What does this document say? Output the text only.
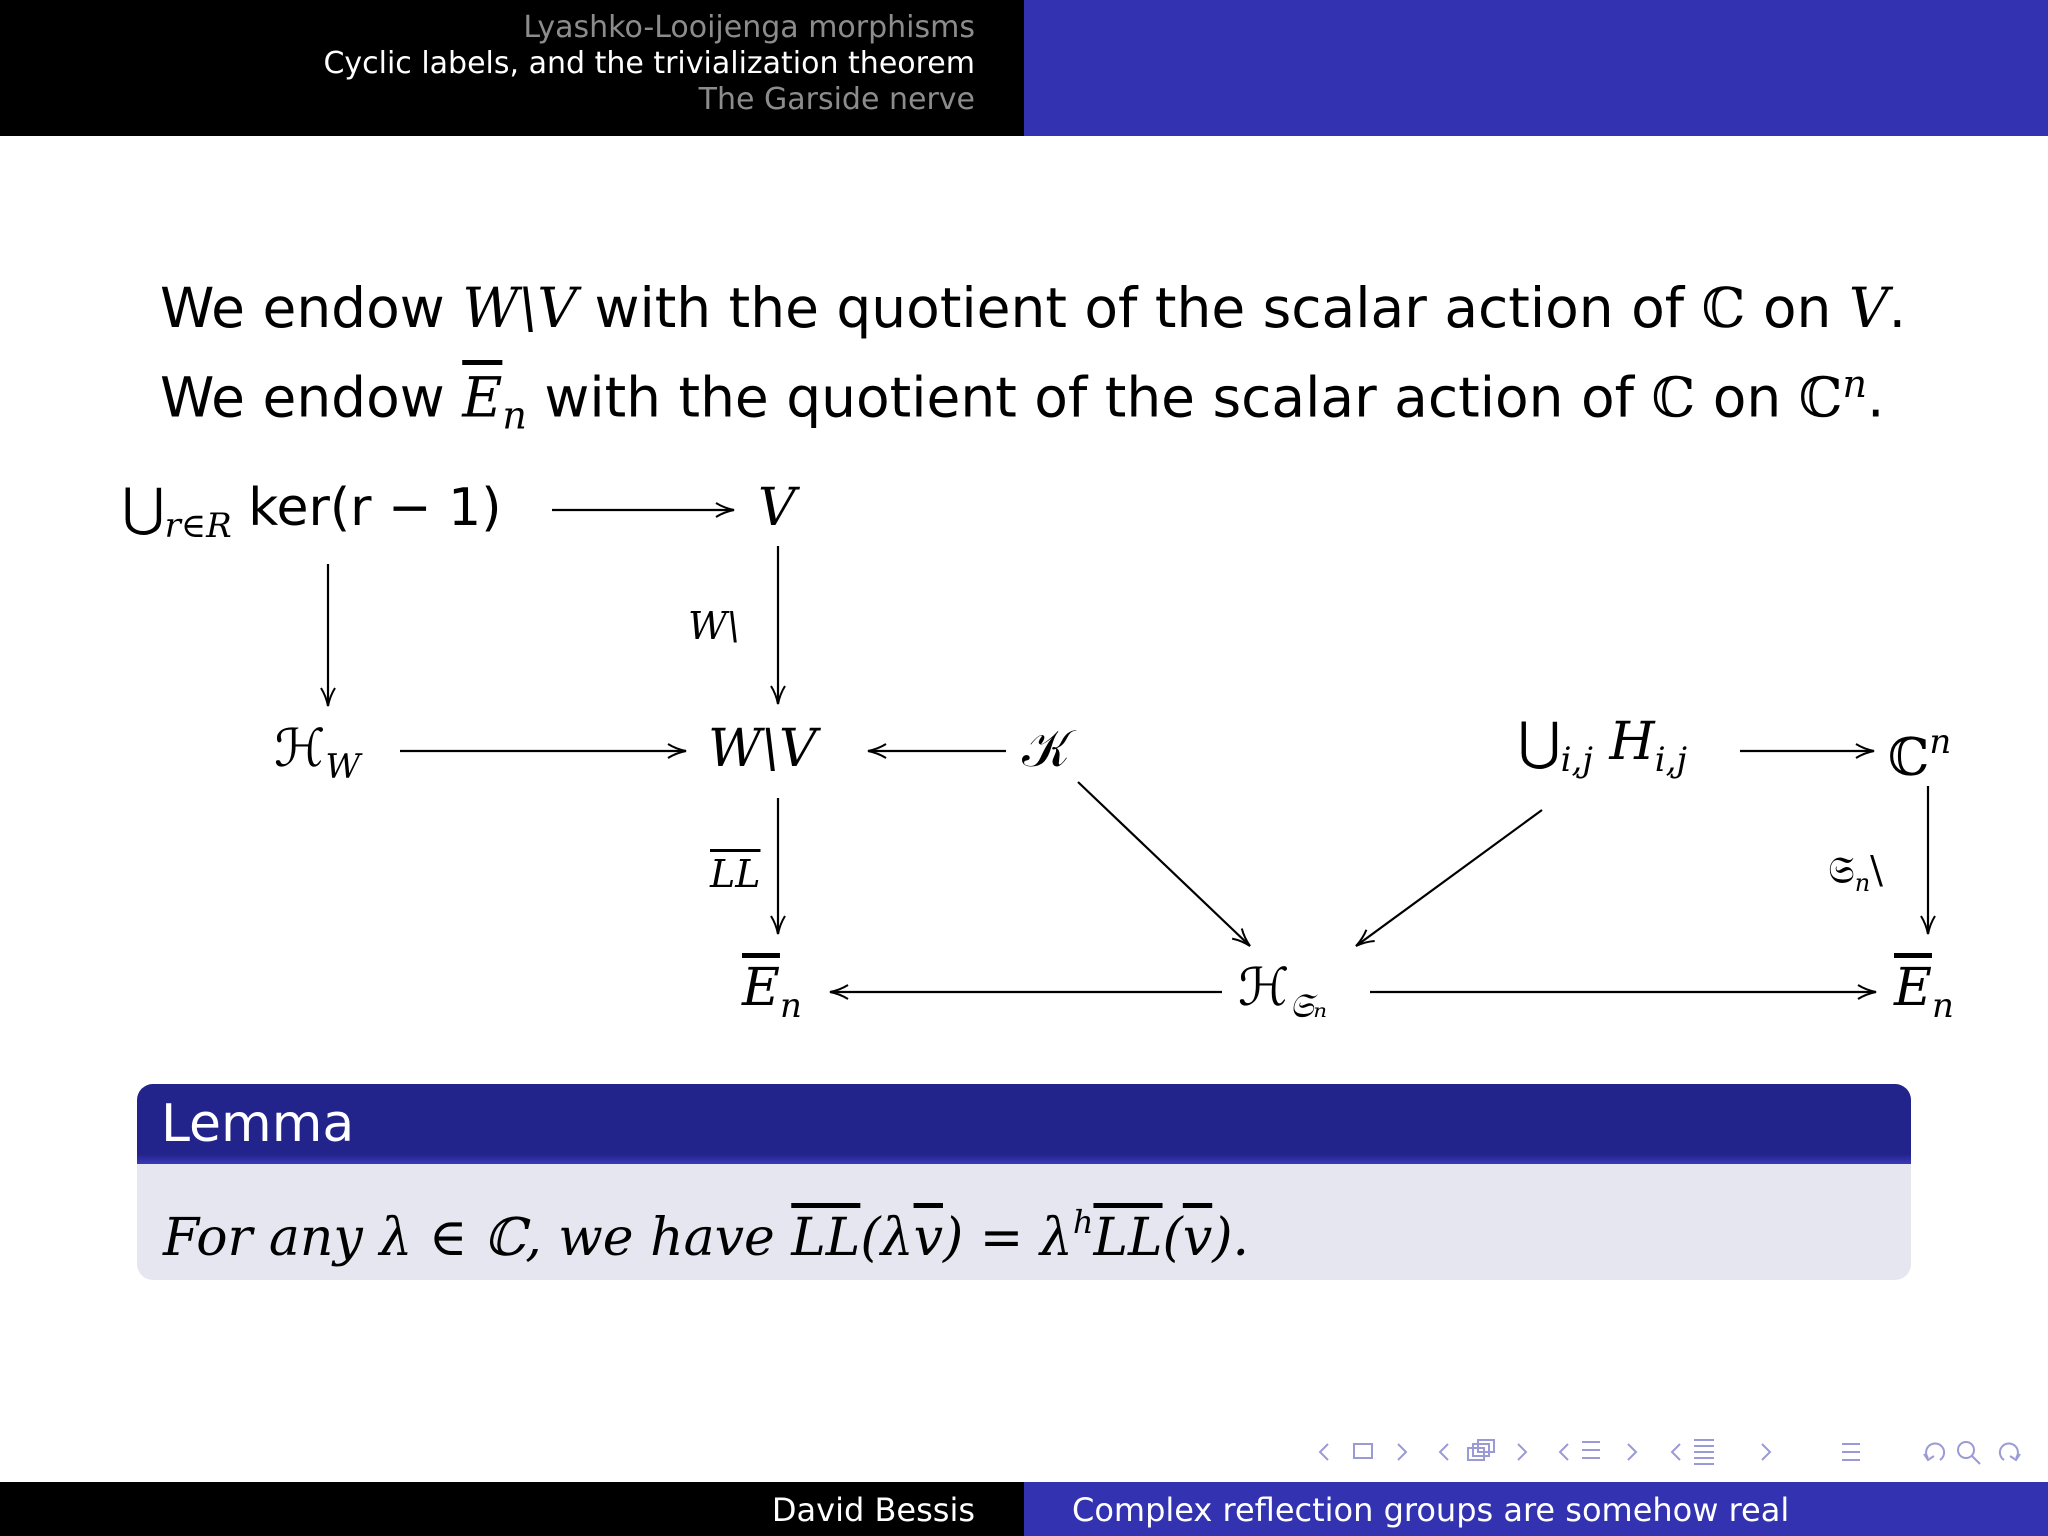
Lyashko-Looijenga morphisms
Cyclic labels, and the trivialization theorem
The Garside nerve
We endow W\V with the quotient of the scalar action of ℂ on V.
We endow $\overline{E}_n$ with the quotient of the scalar action of ℂ on ℂ$^n$.
$⋃_{r\in R}$ ker(r − 1)	V
ℋ$_W$	W\V	𝒦	$⋃_{i,j}$ $H_{i,j}$	ℂ$^n$
$\overline{E}_n$	ℋ$_{𝔖_n}$	$\overline{E}_n$
W\
$\overline{LL}$	𝔖$_n$\
Lemma
For any λ ∈ ℂ, we have $\overline{LL}(\lambda\overline{v}) = \lambda^h\overline{LL}(\overline{v})$.
David Bessis	Complex reflection groups are somehow real
